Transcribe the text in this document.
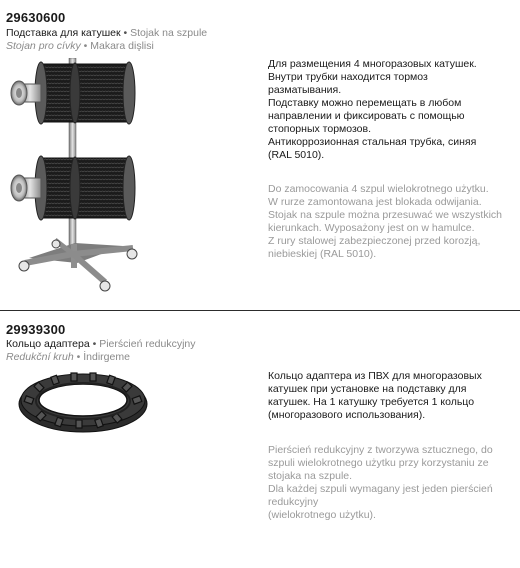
29630600
Подставка для катушек • Stojak na szpule
Stojan pro cívky • Makara dişlisi

Для размещения 4 многоразовых катушек.

Внутри трубки находится тормоз

разматывания.

Подставку можно перемещать в любом

направлении и фиксировать с помощью

стопорных тормозов.

Антикоррозионная стальная трубка, синяя

(RAL 5010).

Do zamocowania 4 szpul wielokrotnego użytku.

W rurze zamontowana jest blokada odwijania.

Stojak na szpule można przesuwać we wszystkich

kierunkach. Wyposażony jest on w hamulce.

Z rury stalowej zabezpieczonej przed korozją,

niebieskiej (RAL 5010).

29939300
Кольцо адаптера • Pierścień redukcyjny
Redukční kruh • İndirgeme

Кольцо адаптера из ПВХ для многоразовых

катушек при установке на подставку для

катушек. На 1 катушку требуется 1 кольцо

(многоразового использования).

Pierścień redukcyjny z tworzywa sztucznego, do

szpuli wielokrotnego użytku przy korzystaniu ze

stojaka na szpule.

Dla każdej szpuli wymagany jest jeden pierścień

redukcyjny

(wielokrotnego użytku).
